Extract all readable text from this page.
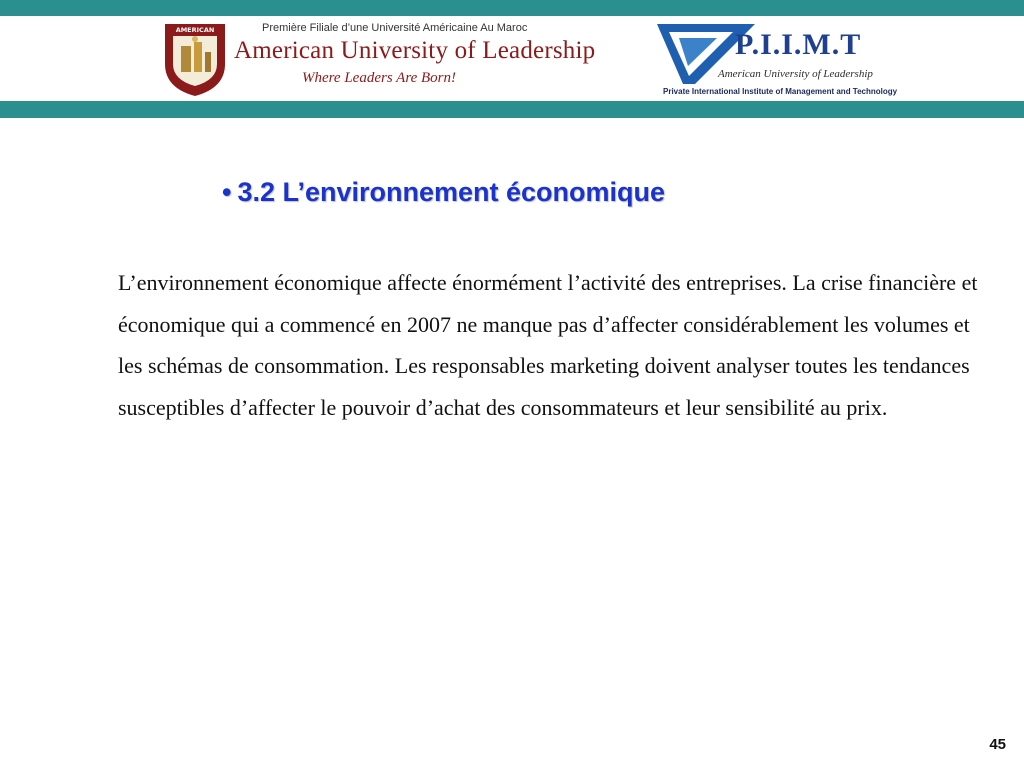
AMERICAN	Première Filiale d’une Université Américaine Au Maroc
American University of Leadership
Where Leaders Are Born!
P.I.I.M.T
American University of Leadership
Private International Institute of Management and Technology
• 3.2 L’environnement économique

L’environnement économique affecte énormément l’activité des entreprises. La crise financière et économique qui a commencé en 2007 ne manque pas d’affecter considérablement les volumes et les schémas de consommation. Les responsables marketing doivent analyser toutes les tendances susceptibles d’affecter le pouvoir d’achat des consommateurs et leur sensibilité au prix.

45
